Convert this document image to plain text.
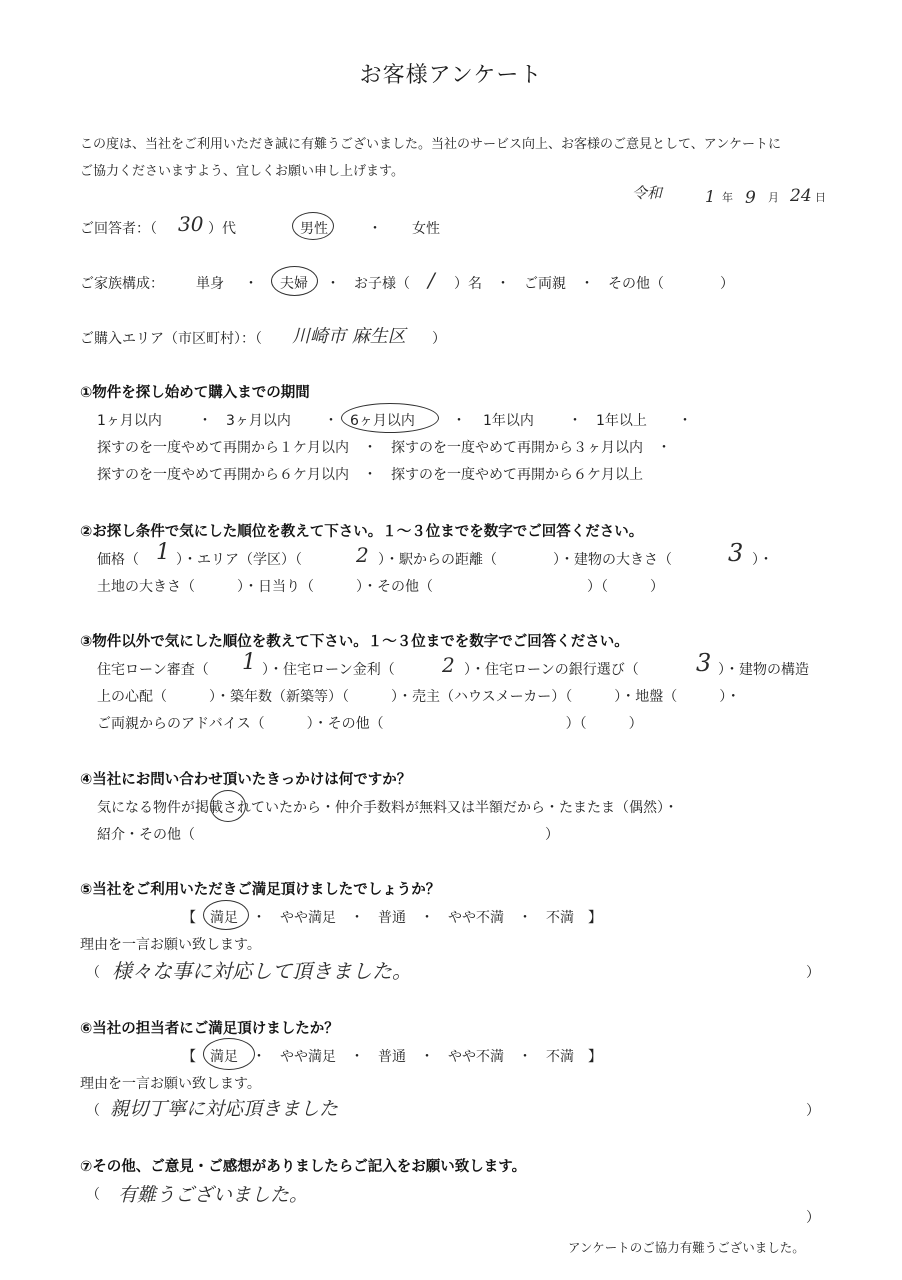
お客様アンケート
この度は、当社をご利用いただき誠に有難うございました。当社のサービス向上、お客様のご意見として、アンケートに
ご協力くださいますよう、宜しくお願い申し上げます。
令和	1 年 9 月 24 日
ご回答者：（ 30 ）代	男性	・ 女性
ご家族構成： 単身 ・ 夫婦 ・　お子様（ / ）名　・　ご両親　・　その他（　　　　）
ご購入エリア（市区町村）：（ 川崎市 麻生区 ）
①物件を探し始めて購入までの期間
1ヶ月以内	・ 3ヶ月以内 ・ 6ヶ月以内	・ 1年以内 ・ 1年以上 ・
探すのを一度やめて再開から１ケ月以内　・　探すのを一度やめて再開から３ヶ月以内　・
探すのを一度やめて再開から６ケ月以内　・　探すのを一度やめて再開から６ケ月以上
②お探し条件で気にした順位を教えて下さい。１～３位までを数字でご回答ください。
価格（ 1 ）・エリア（学区）（	2 ）・駅からの距離（　　　　）・建物の大きさ（ 3 ）・
土地の大きさ（　　　）・日当り（　　　）・その他（　　　　　　　　　　　）（　　　）
③物件以外で気にした順位を教えて下さい。１～３位までを数字でご回答ください。
住宅ローン審査（ 1 ）・住宅ローン金利（ 2 ）・住宅ローンの銀行選び（ 3 ）・建物の構造
上の心配（　　　）・築年数（新築等）（　　　）・売主（ハウスメーカー）（　　　）・地盤（　　　）・
ご両親からのアドバイス（　　　）・その他（　　　　　　　　　　　　　）（　　　）
④当社にお問い合わせ頂いたきっかけは何ですか？
気になる物件が掲載されていたから・仲介手数料が無料又は半額だから・たまたま（偶然）・
紹介・その他（　　　　　　　　　　　　　　　　　　　　　　　　　）
⑤当社をご利用いただきご満足頂けましたでしょうか？
【　満足　・　やや満足　・　普通　・　やや不満　・　不満　】
理由を一言お願い致します。
（ 様々な事に対応して頂きました。	）
⑥当社の担当者にご満足頂けましたか？
【　満足　・　やや満足　・　普通　・　やや不満　・　不満　】
理由を一言お願い致します。
（ 親切丁寧に対応頂きました	）
⑦その他、ご意見・ご感想がありましたらご記入をお願い致します。
（ 有難うございました。
）
アンケートのご協力有難うございました。
